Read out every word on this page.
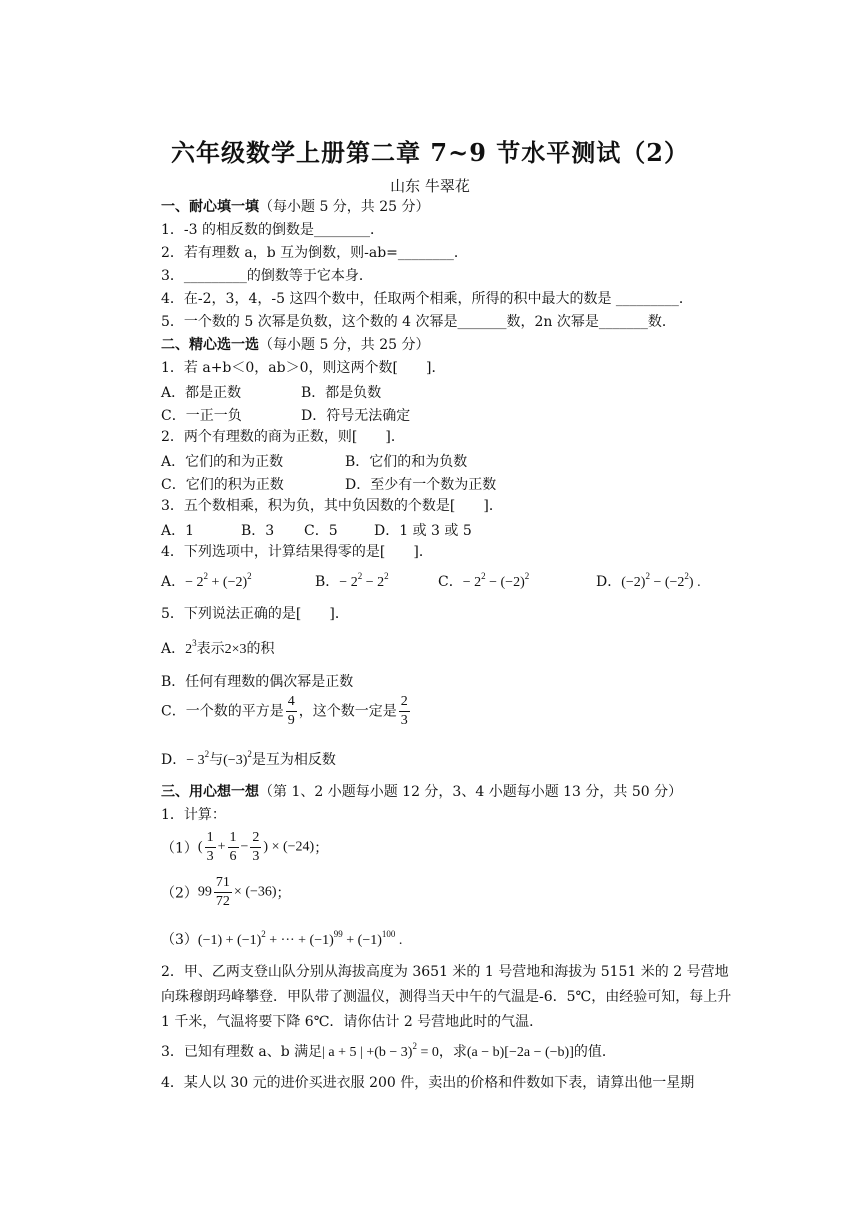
六年级数学上册第二章 7~9 节水平测试（2）
山东 牛翠花
一、耐心填一填（每小题 5 分，共 25 分）
1．-3 的相反数的倒数是________．
2．若有理数 a，b 互为倒数，则-ab=________．
3．_________的倒数等于它本身．
4．在-2，3，4，-5 这四个数中，任取两个相乘，所得的积中最大的数是 _________．
5．一个数的 5 次幂是负数，这个数的 4 次幂是_______数，2n 次幂是_______数．
二、精心选一选（每小题 5 分，共 25 分）
1．若 a+b＜0，ab＞0，则这两个数[　　]．
A．都是正数	B．都是负数
C．一正一负	D．符号无法确定
2．两个有理数的商为正数，则[　　]．
A．它们的和为正数	B．它们的和为负数
C．它们的积为正数	D．至少有一个数为正数
3．五个数相乘，积为负，其中负因数的个数是[　　]．
A．1	B．3 C．5	D．1 或 3 或 5
4．下列选项中，计算结果得零的是[　　]．
A．− $2^2 + (-2)^2$	B．− $2^2 - 2^2$	C．− $2^2 - (-2)^2$	D．$(-2)^2 - (-2^2)$ .
5．下列说法正确的是[　　]．
A．$2^3$表示2×3的积
B．任何有理数的偶次幂是正数
C．一个数的平方是 $\frac{4}{9}$ ，这个数一定是 $\frac{2}{3}$
D．− $3^2$与$(-3)^2$是互为相反数
三、用心想一想（第 1、2 小题每小题 12 分，3、4 小题每小题 13 分，共 50 分）
1．计算：
$(1)( \frac{1}{3} + \frac{1}{6} - \frac{2}{3}$ ) × (−24)；
$(2)99 \frac{71}{72} \times (-36)$；
$(3)(-1) + (-1)^2$ + ··· + $(-1)^{99} + (-1)^{100}$ .
2．甲、乙两支登山队分别从海拔高度为 3651 米的 1 号营地和海拔为 5151 米的 2 号营地向珠穆朗玛峰攀登．甲队带了测温仪，测得当天中午的气温是-6．5℃，由经验可知，每上升 1 千米，气温将要下降 6℃．请你估计 2 号营地此时的气温．
3．已知有理数 a、b 满足| a + 5 | $+(b - 3)^2 = 0$，求(a − b)[−2a − (−b)]的值．
4．某人以 30 元的进价买进衣服 200 件，卖出的价格和件数如下表，请算出他一星期
